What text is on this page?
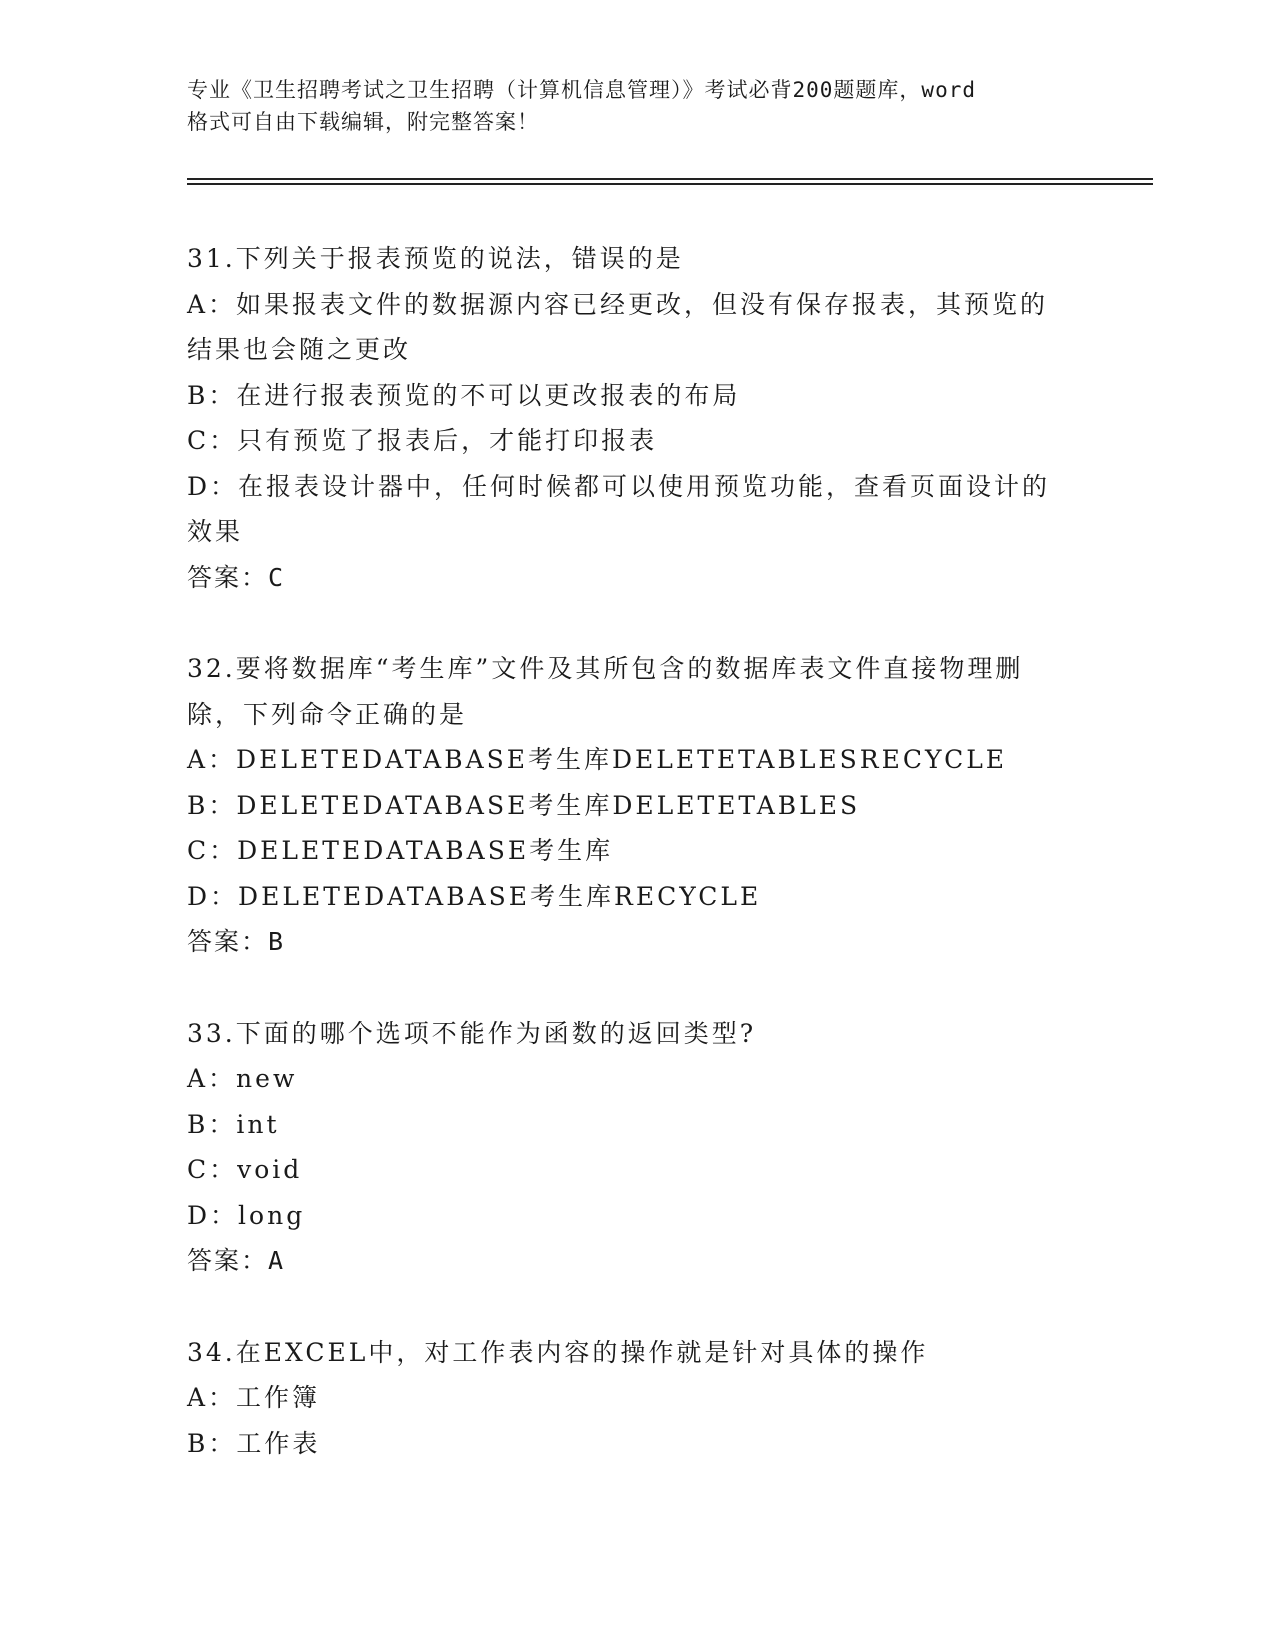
专业《卫生招聘考试之卫生招聘（计算机信息管理）》考试必背200题题库，word
格式可自由下载编辑，附完整答案！
31.下列关于报表预览的说法，错误的是
A：如果报表文件的数据源内容已经更改，但没有保存报表，其预览的
结果也会随之更改
B：在进行报表预览的不可以更改报表的布局
C：只有预览了报表后，才能打印报表
D：在报表设计器中，任何时候都可以使用预览功能，查看页面设计的
效果
答案：C
32.要将数据库“考生库”文件及其所包含的数据库表文件直接物理删
除，下列命令正确的是
A：DELETEDATABASE考生库DELETETABLESRECYCLE
B：DELETEDATABASE考生库DELETETABLES
C：DELETEDATABASE考生库
D：DELETEDATABASE考生库RECYCLE
答案：B
33.下面的哪个选项不能作为函数的返回类型?
A：new
B：int
C：void
D：long
答案：A
34.在EXCEL中，对工作表内容的操作就是针对具体的操作
A：工作簿
B：工作表
